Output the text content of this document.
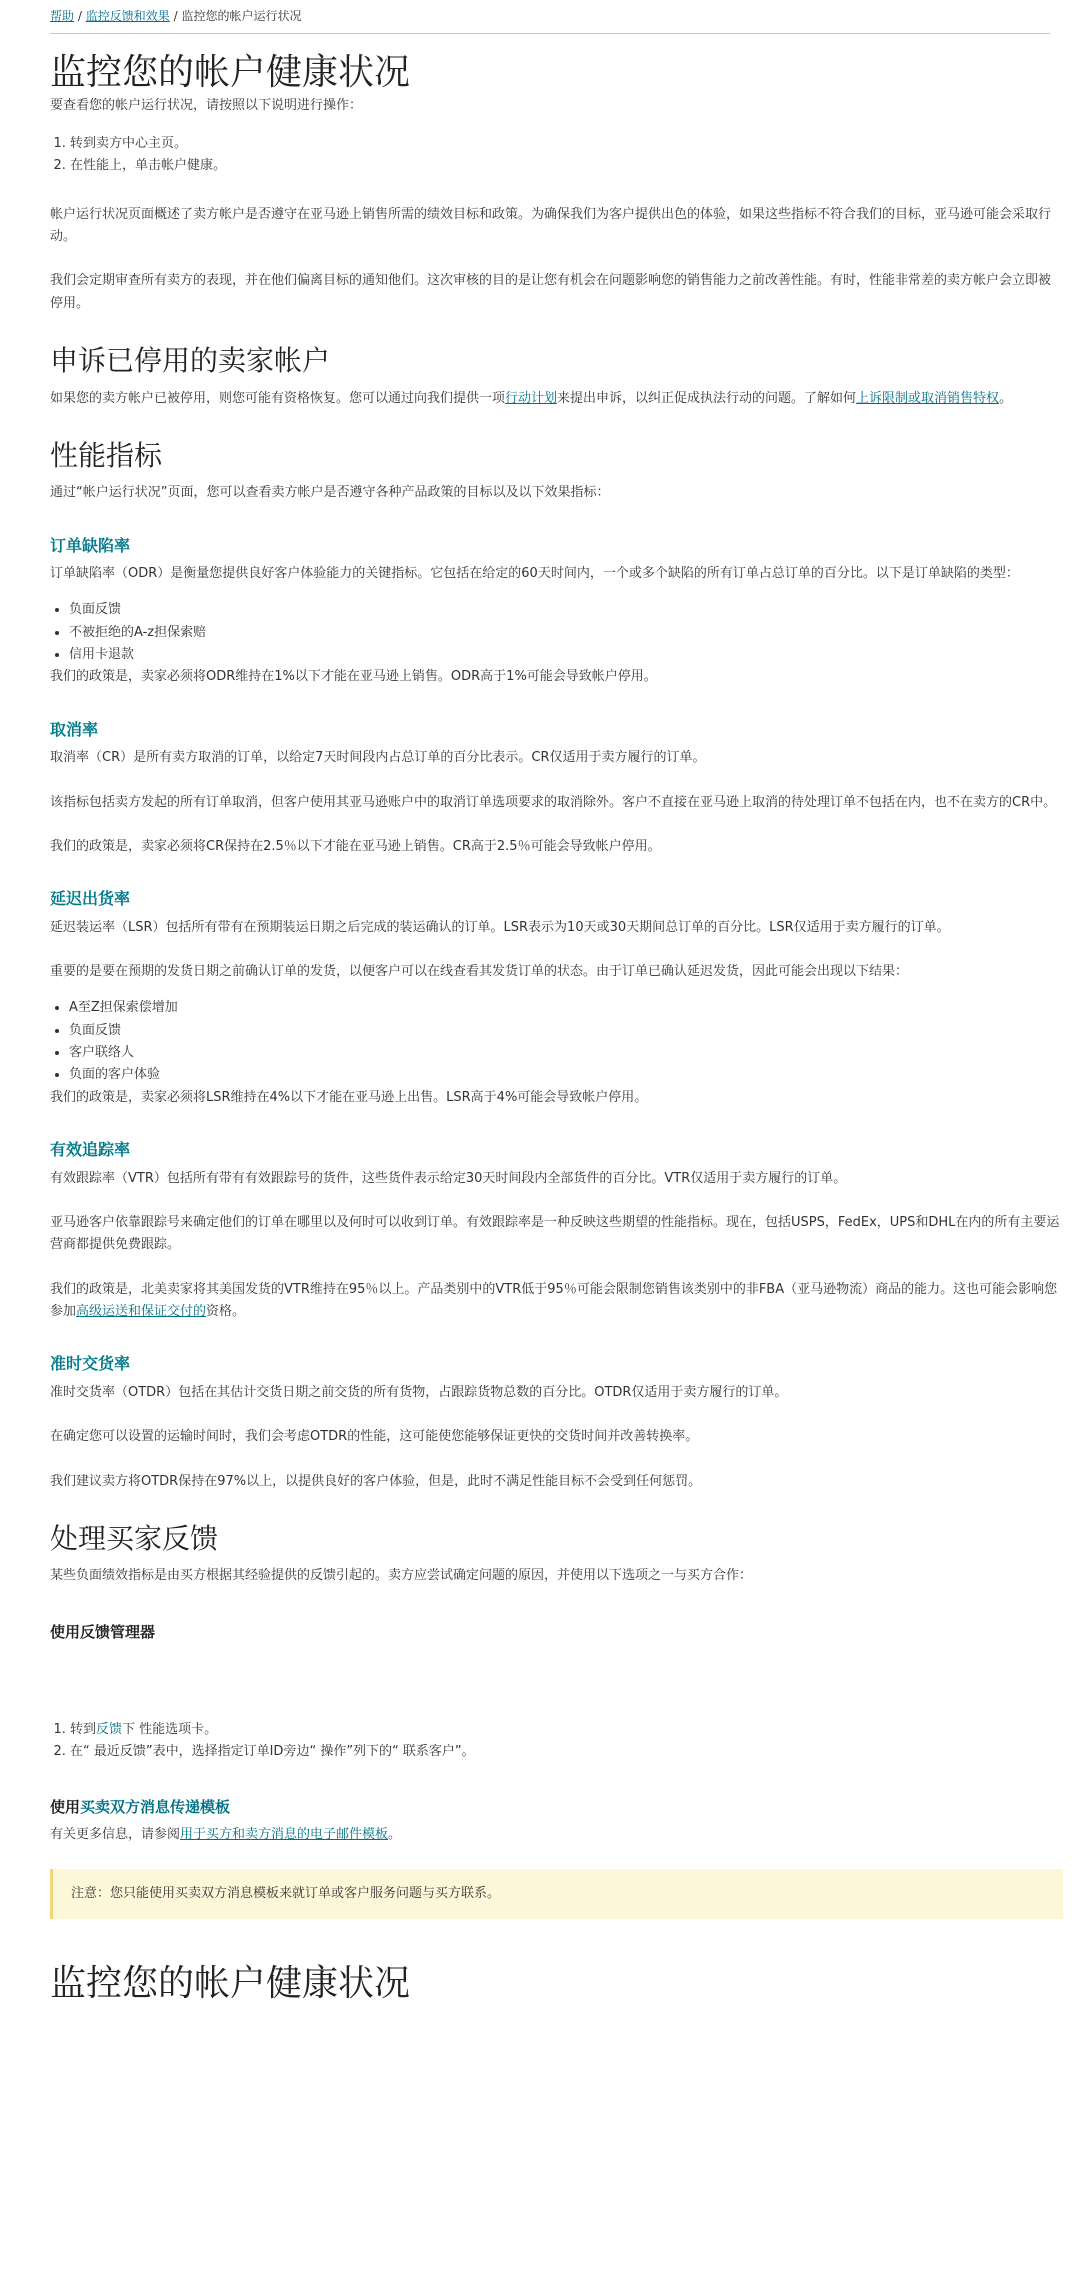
帮助 / 监控反馈和效果 / 监控您的帐户运行状况
监控您的帐户健康状况

要查看您的帐户运行状况，请按照以下说明进行操作：

1. 转到卖方中心主页。
2. 在性能上，单击帐户健康。

帐户运行状况页面概述了卖方帐户是否遵守在亚马逊上销售所需的绩效目标和政策。为确保我们为客户提供出色的体验，如果这些指标不符合我们的目标，亚马逊可能会采取行动。

我们会定期审查所有卖方的表现，并在他们偏离目标的通知他们。这次审核的目的是让您有机会在问题影响您的销售能力之前改善性能。有时，性能非常差的卖方帐户会立即被停用。

申诉已停用的卖家帐户

如果您的卖方帐户已被停用，则您可能有资格恢复。您可以通过向我们提供一项行动计划来提出申诉，以纠正促成执法行动的问题。了解如何上诉限制或取消销售特权。

性能指标

通过“帐户运行状况”页面，您可以查看卖方帐户是否遵守各种产品政策的目标以及以下效果指标：

订单缺陷率

订单缺陷率（ODR）是衡量您提供良好客户体验能力的关键指标。它包括在给定的60天时间内，一个或多个缺陷的所有订单占总订单的百分比。以下是订单缺陷的类型：

• 负面反馈
• 不被拒绝的A-z担保索赔
• 信用卡退款

我们的政策是，卖家必须将ODR维持在1%以下才能在亚马逊上销售。ODR高于1%可能会导致帐户停用。

取消率

取消率（CR）是所有卖方取消的订单，以给定7天时间段内占总订单的百分比表示。CR仅适用于卖方履行的订单。

该指标包括卖方发起的所有订单取消，但客户使用其亚马逊账户中的取消订单选项要求的取消除外。客户不直接在亚马逊上取消的待处理订单不包括在内，也不在卖方的CR中。

我们的政策是，卖家必须将CR保持在2.5％以下才能在亚马逊上销售。CR高于2.5％可能会导致帐户停用。

延迟出货率

延迟装运率（LSR）包括所有带有在预期装运日期之后完成的装运确认的订单。LSR表示为10天或30天期间总订单的百分比。LSR仅适用于卖方履行的订单。

重要的是要在预期的发货日期之前确认订单的发货，以便客户可以在线查看其发货订单的状态。由于订单已确认延迟发货，因此可能会出现以下结果：

• A至Z担保索偿增加
• 负面反馈
• 客户联络人
• 负面的客户体验

我们的政策是，卖家必须将LSR维持在4%以下才能在亚马逊上出售。LSR高于4%可能会导致帐户停用。

有效追踪率

有效跟踪率（VTR）包括所有带有有效跟踪号的货件，这些货件表示给定30天时间段内全部货件的百分比。VTR仅适用于卖方履行的订单。

亚马逊客户依靠跟踪号来确定他们的订单在哪里以及何时可以收到订单。有效跟踪率是一种反映这些期望的性能指标。现在，包括USPS，FedEx，UPS和DHL在内的所有主要运营商都提供免费跟踪。

我们的政策是，北美卖家将其美国发货的VTR维持在95％以上。产品类别中的VTR低于95％可能会限制您销售该类别中的非FBA（亚马逊物流）商品的能力。这也可能会影响您参加高级运送和保证交付的资格。

准时交货率

准时交货率（OTDR）包括在其估计交货日期之前交货的所有货物，占跟踪货物总数的百分比。OTDR仅适用于卖方履行的订单。

在确定您可以设置的运输时间时，我们会考虑OTDR的性能，这可能使您能够保证更快的交货时间并改善转换率。

我们建议卖方将OTDR保持在97%以上，以提供良好的客户体验，但是，此时不满足性能目标不会受到任何惩罚。

处理买家反馈

某些负面绩效指标是由买方根据其经验提供的反馈引起的。卖方应尝试确定问题的原因，并使用以下选项之一与买方合作：

使用反馈管理器
1. 转到反馈下 性能选项卡。
2. 在“ 最近反馈”表中，选择指定订单ID旁边“ 操作”列下的“ 联系客户”。
使用买卖双方消息传递模板

有关更多信息，请参阅用于买方和卖方消息的电子邮件模板。

注意：您只能使用买卖双方消息模板来就订单或客户服务问题与买方联系。
监控您的帐户健康状况
